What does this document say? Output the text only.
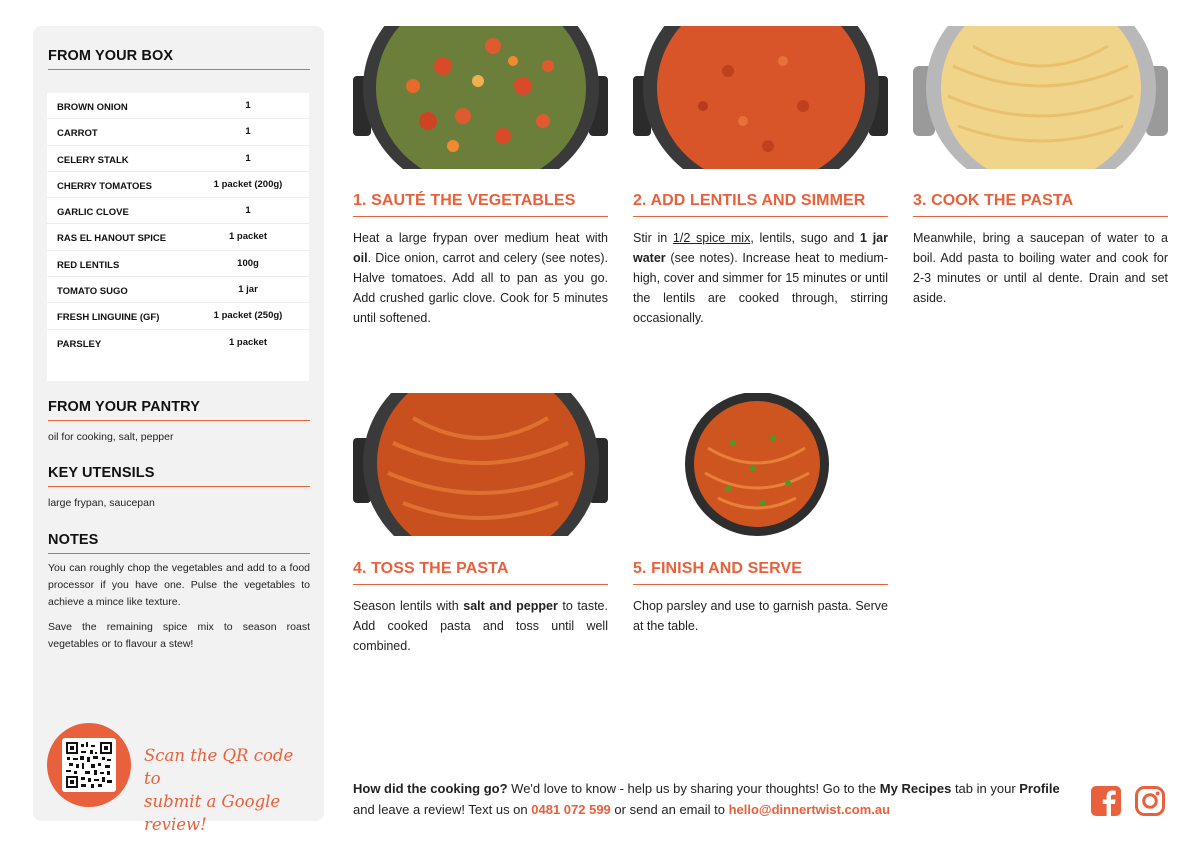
FROM YOUR BOX
BROWN ONION	1
CARROT	1
CELERY STALK	1
CHERRY TOMATOES	1 packet (200g)
GARLIC CLOVE	1
RAS EL HANOUT SPICE	1 packet
RED LENTILS	100g
TOMATO SUGO	1 jar
FRESH LINGUINE (GF)	1 packet (250g)
PARSLEY	1 packet
FROM YOUR PANTRY
oil for cooking, salt, pepper
KEY UTENSILS
large frypan, saucepan
NOTES
You can roughly chop the vegetables and add to a food processor if you have one. Pulse the vegetables to achieve a mince like texture.
Save the remaining spice mix to season roast vegetables or to flavour a stew!
Scan the QR code to
submit a Google review!
1. SAUTÉ THE VEGETABLES
Heat a large frypan over medium heat with oil. Dice onion, carrot and celery (see notes). Halve tomatoes. Add all to pan as you go. Add crushed garlic clove. Cook for 5 minutes until softened.
2. ADD LENTILS AND SIMMER
Stir in 1/2 spice mix, lentils, sugo and 1 jar water (see notes). Increase heat to medium-high, cover and simmer for 15 minutes or until the lentils are cooked through, stirring occasionally.
3. COOK THE PASTA
Meanwhile, bring a saucepan of water to a boil. Add pasta to boiling water and cook for 2-3 minutes or until al dente. Drain and set aside.
4. TOSS THE PASTA
Season lentils with salt and pepper to taste. Add cooked pasta and toss until well combined.
5. FINISH AND SERVE
Chop parsley and use to garnish pasta. Serve at the table.
How did the cooking go? We'd love to know - help us by sharing your thoughts! Go to the My Recipes tab in your Profile and leave a review! Text us on 0481 072 599 or send an email to hello@dinnertwist.com.au
